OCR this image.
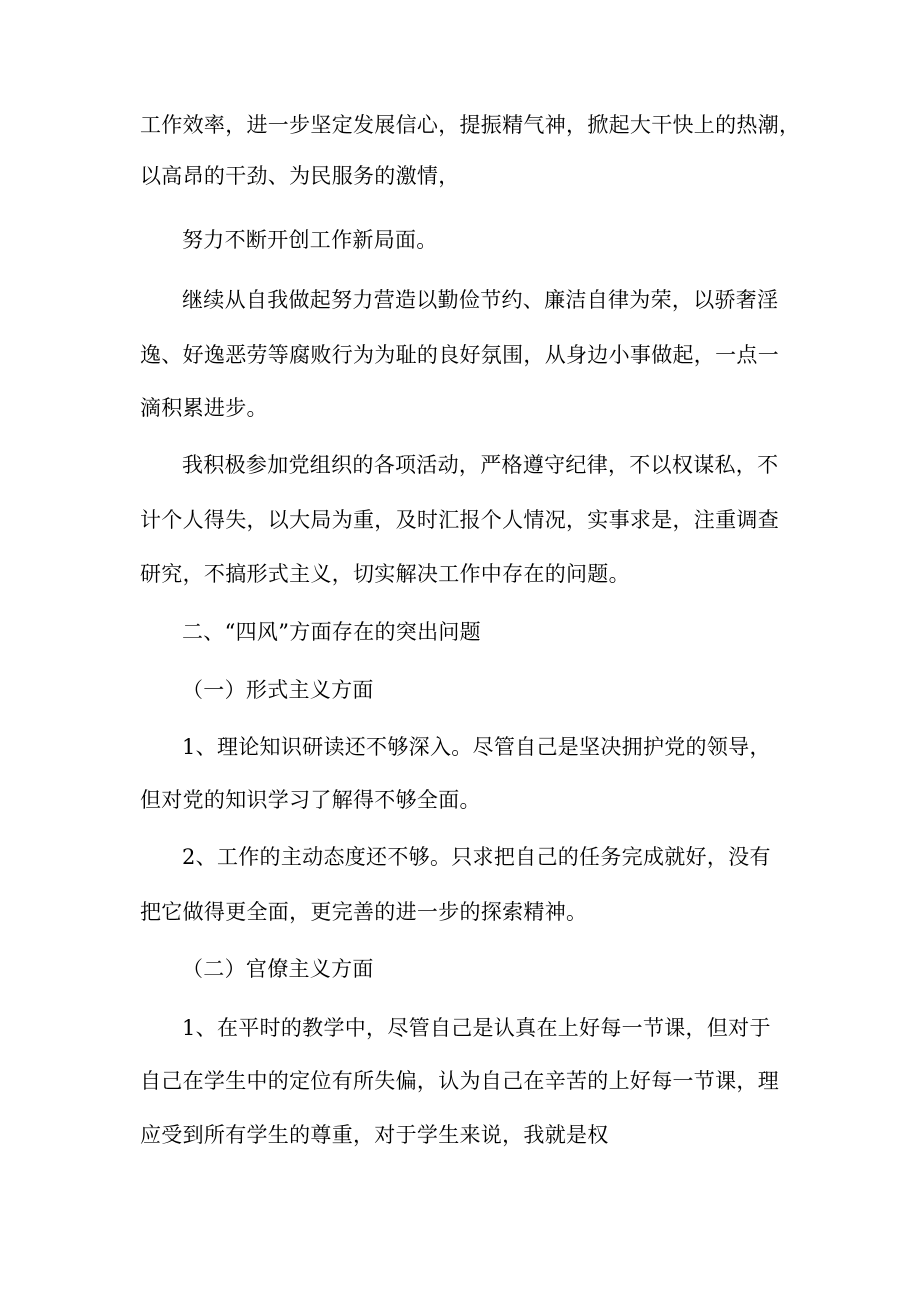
工作效率，进一步坚定发展信心，提振精气神，掀起大干快上的热潮，
以高昂的干劲、为民服务的激情，
努力不断开创工作新局面。
继续从自我做起努力营造以勤俭节约、廉洁自律为荣，以骄奢淫
逸、好逸恶劳等腐败行为为耻的良好氛围，从身边小事做起，一点一
滴积累进步。
我积极参加党组织的各项活动，严格遵守纪律，不以权谋私，不
计个人得失，以大局为重，及时汇报个人情况，实事求是，注重调查
研究，不搞形式主义，切实解决工作中存在的问题。
二、“四风”方面存在的突出问题
（一）形式主义方面
1、理论知识研读还不够深入。尽管自己是坚决拥护党的领导，
但对党的知识学习了解得不够全面。
2、工作的主动态度还不够。只求把自己的任务完成就好，没有
把它做得更全面，更完善的进一步的探索精神。
（二）官僚主义方面
1、在平时的教学中，尽管自己是认真在上好每一节课，但对于
自己在学生中的定位有所失偏，认为自己在辛苦的上好每一节课，理
应受到所有学生的尊重，对于学生来说，我就是权
